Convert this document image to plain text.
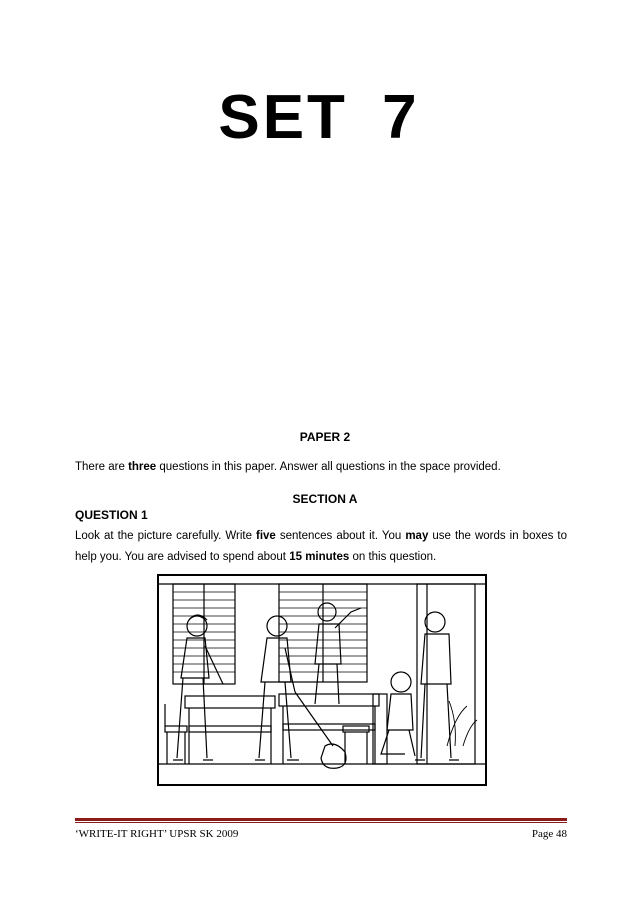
SET 7
PAPER 2
There are three questions in this paper. Answer all questions in the space provided.
SECTION A
QUESTION 1
Look at the picture carefully. Write five sentences about it. You may use the words in boxes to help you. You are advised to spend about 15 minutes on this question.
‘WRITE-IT RIGHT’ UPSR SK 2009	Page 48
